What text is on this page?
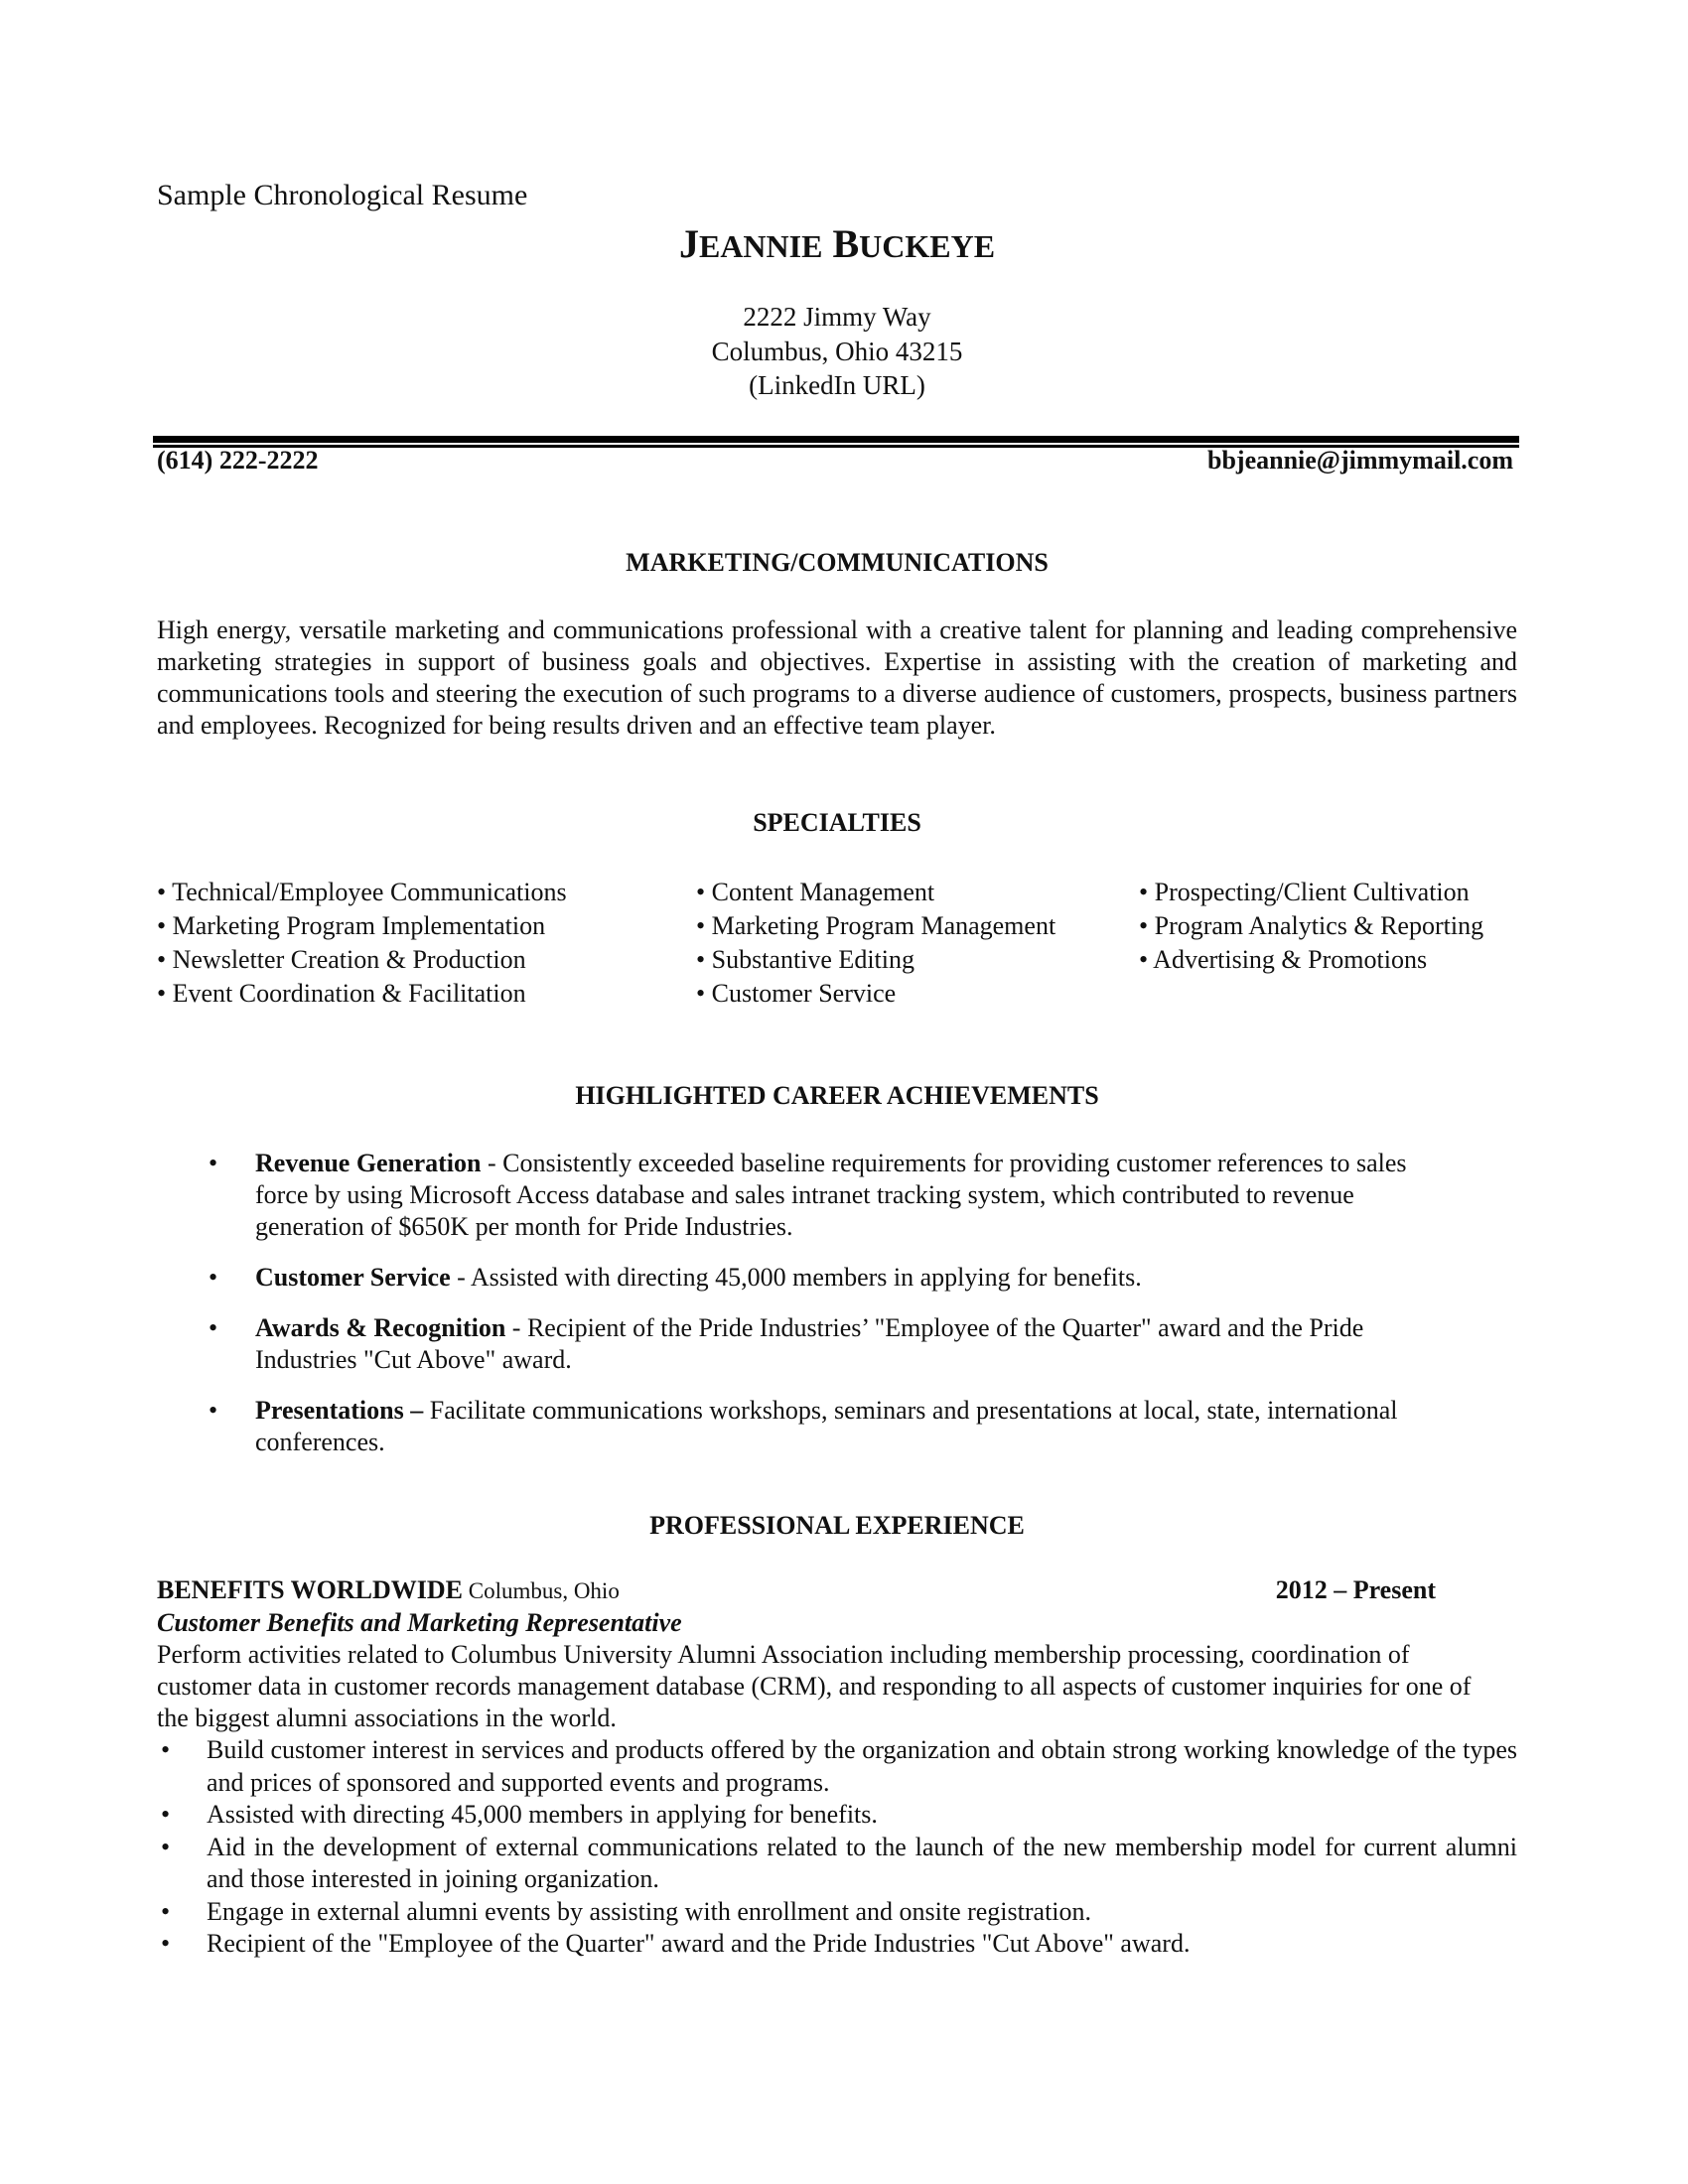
Sample Chronological Resume
JEANNIE BUCKEYE
2222 Jimmy Way
Columbus, Ohio 43215
(LinkedIn URL)
(614) 222-2222	bbjeannie@jimmymail.com
MARKETING/COMMUNICATIONS
High energy, versatile marketing and communications professional with a creative talent for planning and leading comprehensive marketing strategies in support of business goals and objectives. Expertise in assisting with the creation of marketing and communications tools and steering the execution of such programs to a diverse audience of customers, prospects, business partners and employees. Recognized for being results driven and an effective team player.
SPECIALTIES
• Technical/Employee Communications
• Marketing Program Implementation
• Newsletter Creation & Production
• Event Coordination & Facilitation
• Content Management
• Marketing Program Management
• Substantive Editing
• Customer Service
• Prospecting/Client Cultivation
• Program Analytics & Reporting
• Advertising & Promotions
HIGHLIGHTED CAREER ACHIEVEMENTS
• Revenue Generation - Consistently exceeded baseline requirements for providing customer references to sales force by using Microsoft Access database and sales intranet tracking system, which contributed to revenue generation of $650K per month for Pride Industries.
• Customer Service - Assisted with directing 45,000 members in applying for benefits.
• Awards & Recognition - Recipient of the Pride Industries’ "Employee of the Quarter" award and the Pride Industries "Cut Above" award.
• Presentations – Facilitate communications workshops, seminars and presentations at local, state, international conferences.
PROFESSIONAL EXPERIENCE
BENEFITS WORLDWIDE Columbus, Ohio	2012 – Present
Customer Benefits and Marketing Representative
Perform activities related to Columbus University Alumni Association including membership processing, coordination of customer data in customer records management database (CRM), and responding to all aspects of customer inquiries for one of the biggest alumni associations in the world.
• Build customer interest in services and products offered by the organization and obtain strong working knowledge of the types and prices of sponsored and supported events and programs.
• Assisted with directing 45,000 members in applying for benefits.
• Aid in the development of external communications related to the launch of the new membership model for current alumni and those interested in joining organization.
• Engage in external alumni events by assisting with enrollment and onsite registration.
• Recipient of the "Employee of the Quarter" award and the Pride Industries "Cut Above" award.
